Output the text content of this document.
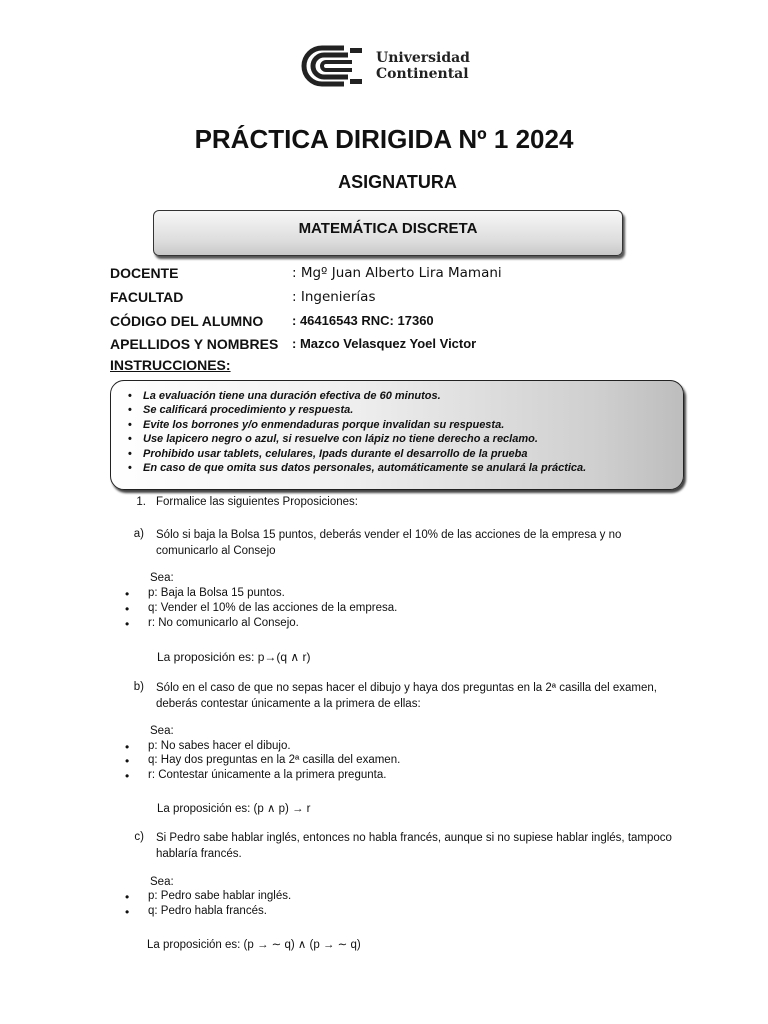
Universidad
Continental
PRÁCTICA DIRIGIDA Nº 1 2024
ASIGNATURA
MATEMÁTICA DISCRETA
DOCENTE	: Mgº Juan Alberto Lira Mamani
FACULTAD	: Ingenierías
CÓDIGO DEL ALUMNO : 46416543 RNC: 17360
APELLIDOS Y NOMBRES : Mazco Velasquez Yoel Victor
INSTRUCCIONES:
• La evaluación tiene una duración efectiva de 60 minutos.
• Se calificará procedimiento y respuesta.
• Evite los borrones y/o enmendaduras porque invalidan su respuesta.
• Use lapicero negro o azul, si resuelve con lápiz no tiene derecho a reclamo.
• Prohibido usar tablets, celulares, Ipads durante el desarrollo de la prueba
• En caso de que omita sus datos personales, automáticamente se anulará la práctica.
1. Formalice las siguientes Proposiciones:
a) Sólo si baja la Bolsa 15 puntos, deberás vender el 10% de las acciones de la empresa y no
comunicarlo al Consejo
Sea:
• p: Baja la Bolsa 15 puntos.
• q: Vender el 10% de las acciones de la empresa.
• r: No comunicarlo al Consejo.
La proposición es: p→(q ∧ r)
b) Sólo en el caso de que no sepas hacer el dibujo y haya dos preguntas en la 2ª casilla del examen,
deberás contestar únicamente a la primera de ellas:
Sea:
• p: No sabes hacer el dibujo.
• q: Hay dos preguntas en la 2ª casilla del examen.
• r: Contestar únicamente a la primera pregunta.
La proposición es: (p ∧ p) → r
c) Si Pedro sabe hablar inglés, entonces no habla francés, aunque si no supiese hablar inglés, tampoco
hablaría francés.
Sea:
• p: Pedro sabe hablar inglés.
• q: Pedro habla francés.
La proposición es: (p → ∼ q) ∧ (p → ∼ q)
